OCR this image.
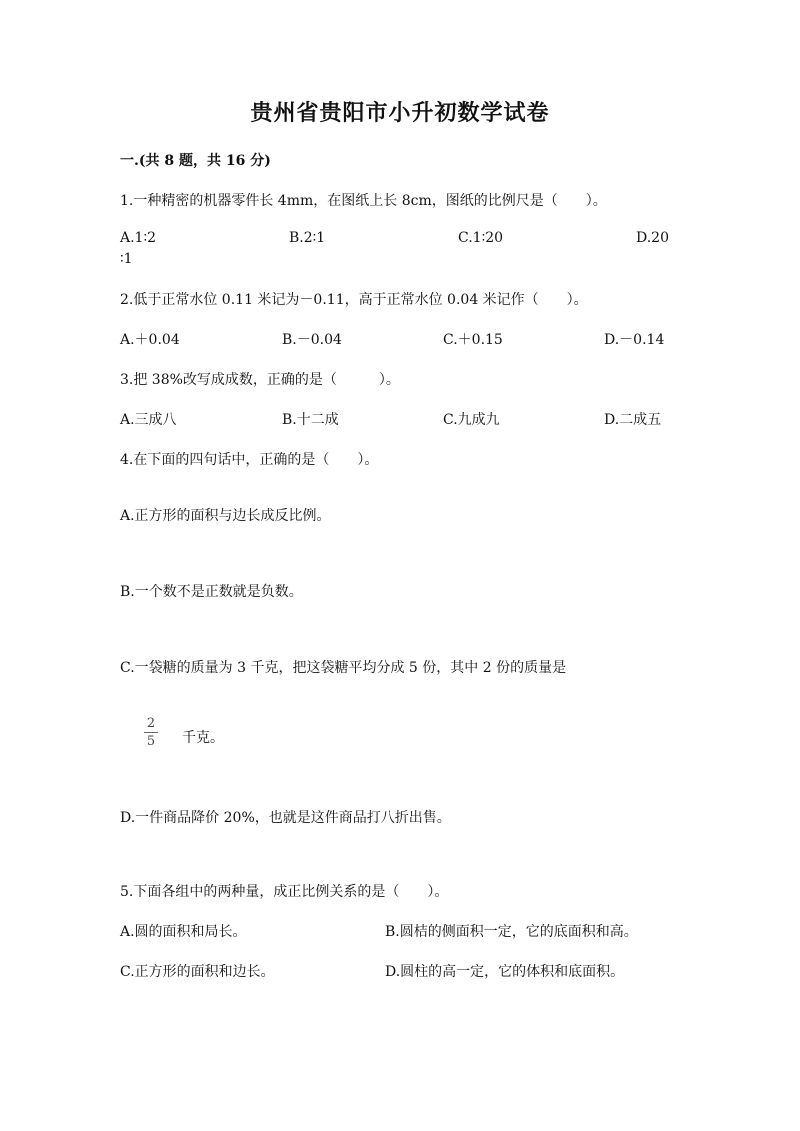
贵州省贵阳市小升初数学试卷
一.(共 8 题，共 16 分)
1.一种精密的机器零件长 4mm，在图纸上长 8cm，图纸的比例尺是（　　）。
A.1∶2	B.2∶1	C.1∶20	D.20
∶1
2.低于正常水位 0.11 米记为－0.11，高于正常水位 0.04 米记作（　　）。
A.＋0.04	B.－0.04	C.＋0.15	D.－0.14
3.把 38%改写成成数，正确的是（　　　）。
A.三成八	B.十二成	C.九成九	D.二成五
4.在下面的四句话中，正确的是（　　）。
A.正方形的面积与边长成反比例。
B.一个数不是正数就是负数。
C.一袋糖的质量为 3 千克，把这袋糖平均分成 5 份，其中 2 份的质量是
2
5 千克。
D.一件商品降价 20%，也就是这件商品打八折出售。
5.下面各组中的两种量，成正比例关系的是（　　）。
A.圆的面积和局长。	B.圆桔的侧面积一定，它的底面积和高。
C.正方形的面积和边长。	D.圆柱的高一定，它的体积和底面积。
